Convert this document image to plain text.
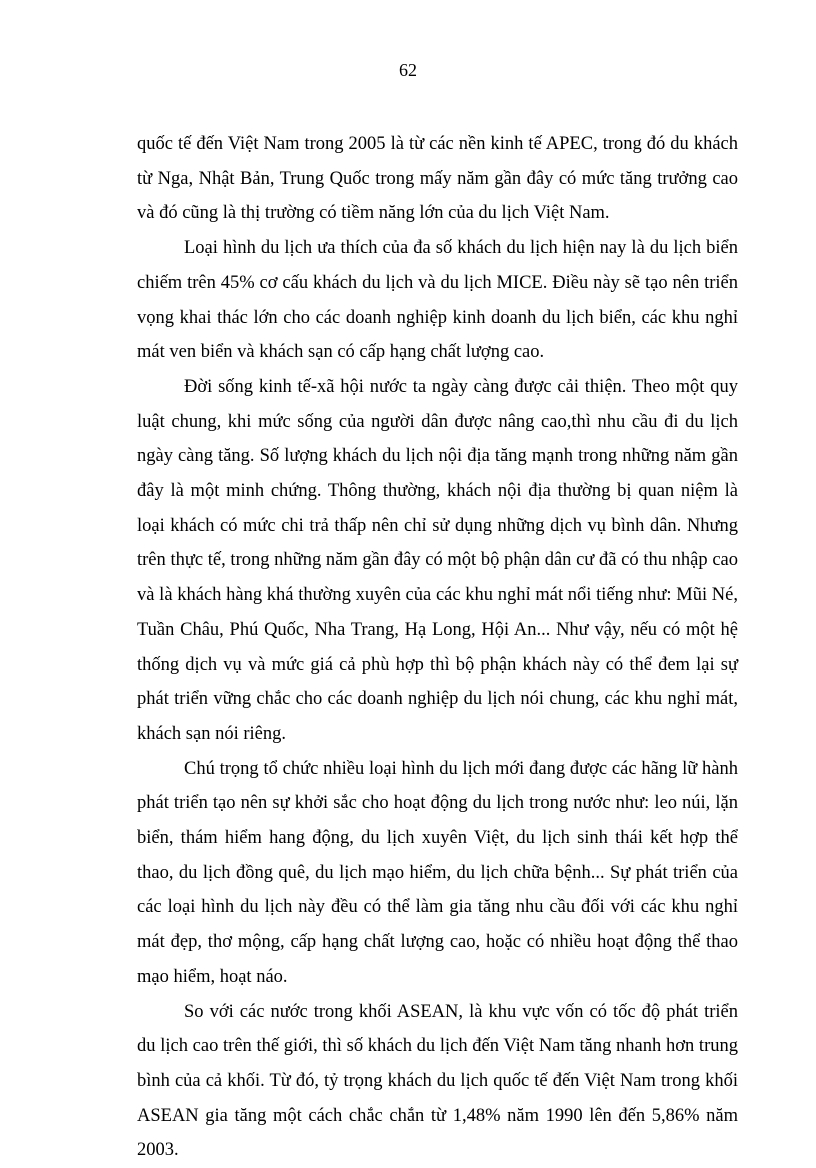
62

quốc tế đến Việt Nam trong 2005 là từ các nền kinh tế APEC, trong đó du khách từ Nga, Nhật Bản, Trung Quốc trong mấy năm gần đây có mức tăng trưởng cao và đó cũng là thị trường có tiềm năng lớn của du lịch Việt Nam.

Loại hình du lịch ưa thích của đa số khách du lịch hiện nay là du lịch biển chiếm trên 45% cơ cấu khách du lịch và du lịch MICE. Điều này sẽ tạo nên triển vọng khai thác lớn cho các doanh nghiệp kinh doanh du lịch biển, các khu nghỉ mát ven biển và khách sạn có cấp hạng chất lượng cao.

Đời sống kinh tế-xã hội nước ta ngày càng được cải thiện. Theo một quy luật chung, khi mức sống của người dân được nâng cao,thì nhu cầu đi du lịch ngày càng tăng. Số lượng khách du lịch nội địa tăng mạnh trong những năm gần đây là một minh chứng. Thông thường, khách nội địa thường bị quan niệm là loại khách có mức chi trả thấp nên chỉ sử dụng những dịch vụ bình dân. Nhưng trên thực tế, trong những năm gần đây có một bộ phận dân cư đã có thu nhập cao và là khách hàng khá thường xuyên của các khu nghỉ mát nổi tiếng như: Mũi Né, Tuần Châu, Phú Quốc, Nha Trang, Hạ Long, Hội An... Như vậy, nếu có một hệ thống dịch vụ và mức giá cả phù hợp thì bộ phận khách này có thể đem lại sự phát triển vững chắc cho các doanh nghiệp du lịch nói chung, các khu nghỉ mát, khách sạn nói riêng.

Chú trọng tổ chức nhiều loại hình du lịch mới đang được các hãng lữ hành phát triển tạo nên sự khởi sắc cho hoạt động du lịch trong nước như: leo núi, lặn biển, thám hiểm hang động, du lịch xuyên Việt, du lịch sinh thái kết hợp thể thao, du lịch đồng quê, du lịch mạo hiểm, du lịch chữa bệnh... Sự phát triển của các loại hình du lịch này đều có thể làm gia tăng nhu cầu đối với các khu nghỉ mát đẹp, thơ mộng, cấp hạng chất lượng cao, hoặc có nhiều hoạt động thể thao mạo hiểm, hoạt náo.

So với các nước trong khối ASEAN, là khu vực vốn có tốc độ phát triển du lịch cao trên thế giới, thì số khách du lịch đến Việt Nam tăng nhanh hơn trung bình của cả khối. Từ đó, tỷ trọng khách du lịch quốc tế đến Việt Nam trong khối ASEAN gia tăng một cách chắc chắn từ 1,48% năm 1990 lên đến 5,86% năm 2003.
